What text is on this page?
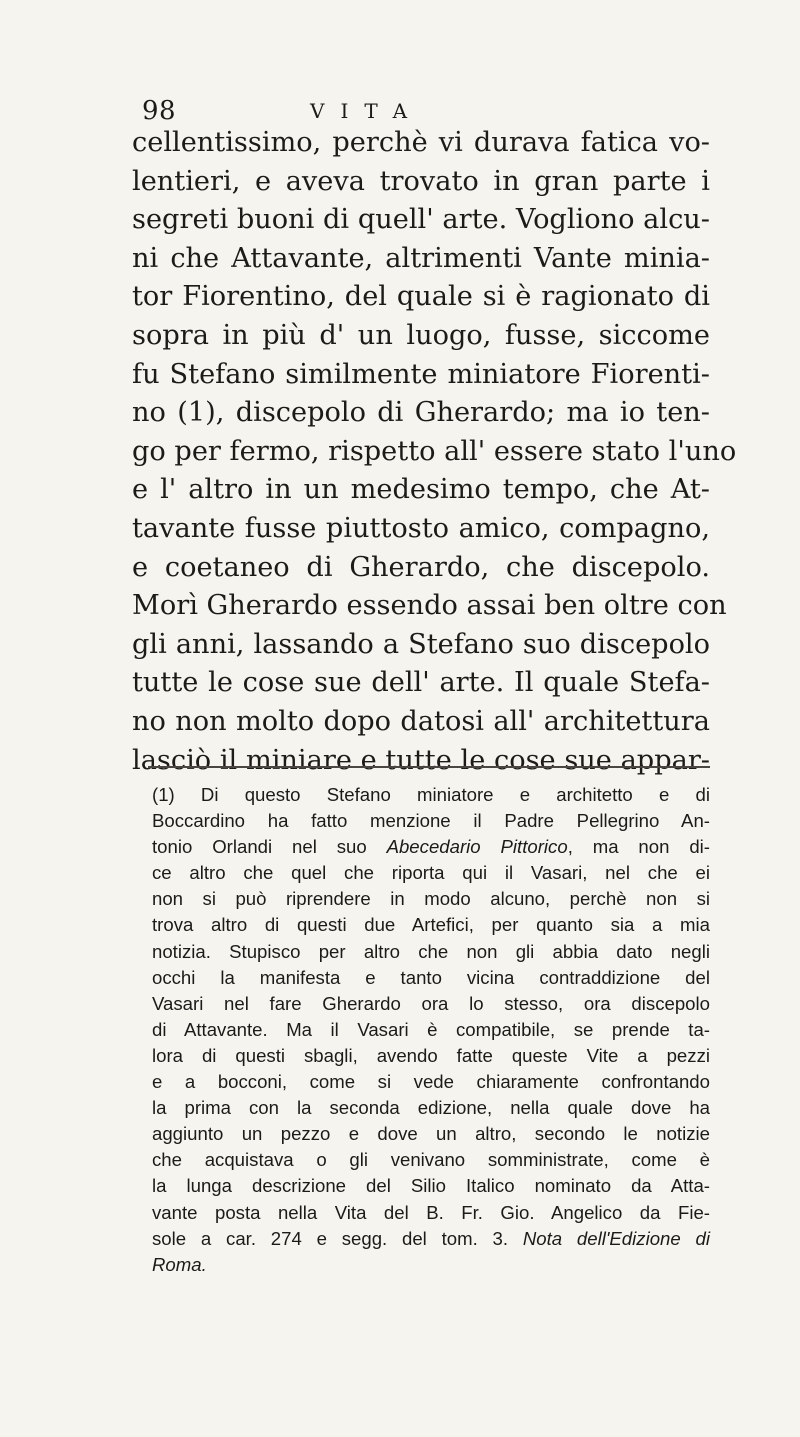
98	VITA
cellentissimo, perchè vi durava fatica vo-
lentieri, e aveva trovato in gran parte i
segreti buoni di quell' arte. Vogliono alcu-
ni che Attavante, altrimenti Vante minia-
tor Fiorentino, del quale si è ragionato di
sopra in più d' un luogo, fusse, siccome
fu Stefano similmente miniatore Fiorenti-
no (1), discepolo di Gherardo; ma io ten-
go per fermo, rispetto all' essere stato l'uno
e l' altro in un medesimo tempo, che At-
tavante fusse piuttosto amico, compagno,
e coetaneo di Gherardo, che discepolo.
Morì Gherardo essendo assai ben oltre con
gli anni, lassando a Stefano suo discepolo
tutte le cose sue dell' arte. Il quale Stefa-
no non molto dopo datosi all' architettura
lasciò il miniare e tutte le cose sue appar-
(1) Di questo Stefano miniatore e architetto e di
Boccardino ha fatto menzione il Padre Pellegrino An-
tonio Orlandi nel suo Abecedario Pittorico, ma non di-
ce altro che quel che riporta qui il Vasari, nel che ei
non si può riprendere in modo alcuno, perchè non si
trova altro di questi due Artefici, per quanto sia a mia
notizia. Stupisco per altro che non gli abbia dato negli
occhi la manifesta e tanto vicina contraddizione del
Vasari nel fare Gherardo ora lo stesso, ora discepolo
di Attavante. Ma il Vasari è compatibile, se prende ta-
lora di questi sbagli, avendo fatte queste Vite a pezzi
e a bocconi, come si vede chiaramente confrontando
la prima con la seconda edizione, nella quale dove ha
aggiunto un pezzo e dove un altro, secondo le notizie
che acquistava o gli venivano somministrate, come è
la lunga descrizione del Silio Italico nominato da Atta-
vante posta nella Vita del B. Fr. Gio. Angelico da Fie-
sole a car. 274 e segg. del tom. 3. Nota dell'Edizione di
Roma.
